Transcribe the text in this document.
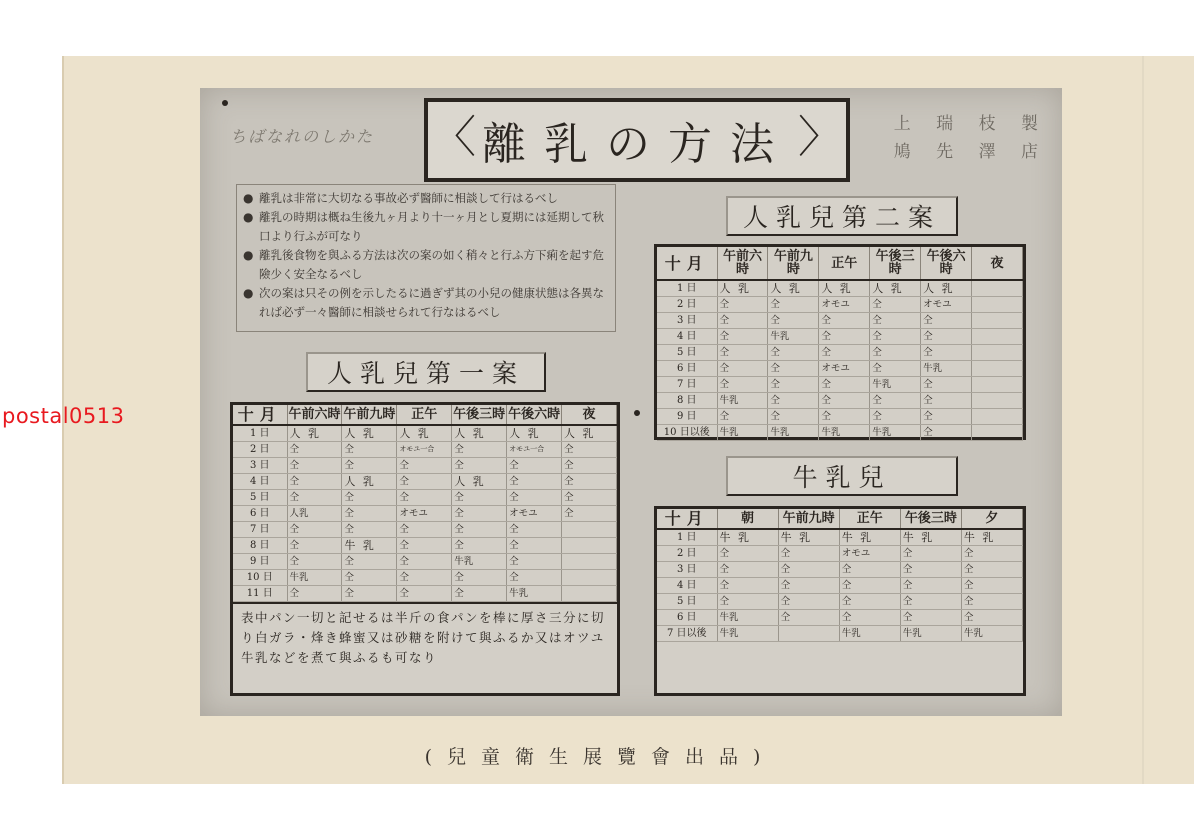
postal0513
ちばなれのしかた
上 瑞 枝 製
鳩 先 澤 店
〈 離乳の方法 〉
● 離乳は非常に大切なる事故必ず醫師に相談して行はるべし
● 離乳の時期は概ね生後九ヶ月より十一ヶ月とし夏期には延期して秋口より行ふが可なり
● 離乳後食物を與ふる方法は次の案の如く稍々と行ふ方下痢を起す危險少く安全なるべし
● 次の案は只その例を示したるに過ぎず其の小兒の健康状態は各異なれば必ず一々醫師に相談せられて行なはるべし
人乳兒第一案
十月	午前六時	午前九時	正午	午後三時	午後六時	夜
1 日	人 乳	人 乳	人 乳	人 乳	人 乳	人 乳
2 日	仝	仝	オモユ一合	仝	オモユ一合	仝
3 日	仝	仝	仝	仝	仝	仝
4 日	仝	人 乳	仝	人 乳	仝	仝
5 日	仝	仝	仝	仝	仝	仝
6 日	人乳	仝	オモユ	仝	オモユ	仝
7 日	仝	仝	仝	仝	仝	
8 日	仝	牛 乳	仝	仝	仝	
9 日	仝	仝	仝	牛乳	仝	
10 日	牛乳	仝	仝	仝	仝	
11 日	仝	仝	仝	仝	牛乳	
表中パン一切と記せるは半斤の食パンを棒に厚さ三分に切り白ガラ・烽き蜂蜜又は砂糖を附けて與ふるか又はオツユ牛乳などを煮て與ふるも可なり
人乳兒第二案
十月	午前六時	午前九時	正午	午後三時	午後六時	夜
1 日	人 乳	人 乳	人 乳	人 乳	人 乳	
2 日	仝	仝	オモユ	仝	オモユ	
3 日	仝	仝	仝	仝	仝	
4 日	仝	牛乳	仝	仝	仝	
5 日	仝	仝	仝	仝	仝	
6 日	仝	仝	オモユ	仝	牛乳	
7 日	仝	仝	仝	牛乳	仝	
8 日	牛乳	仝	仝	仝	仝	
9 日	仝	仝	仝	仝	仝	
10 日以後	牛乳	牛乳	牛乳	牛乳	仝	
牛乳兒
十月	朝	午前九時	正午	午後三時	夕
1 日	牛 乳	牛 乳	牛 乳	牛 乳	牛 乳
2 日	仝	仝	オモユ	仝	仝
3 日	仝	仝	仝	仝	仝
4 日	仝	仝	仝	仝	仝
5 日	仝	仝	仝	仝	仝
6 日	牛乳	仝	仝	仝	仝
7 日以後	牛乳		牛乳	牛乳	牛乳
(兒童衛生展覽會出品)
